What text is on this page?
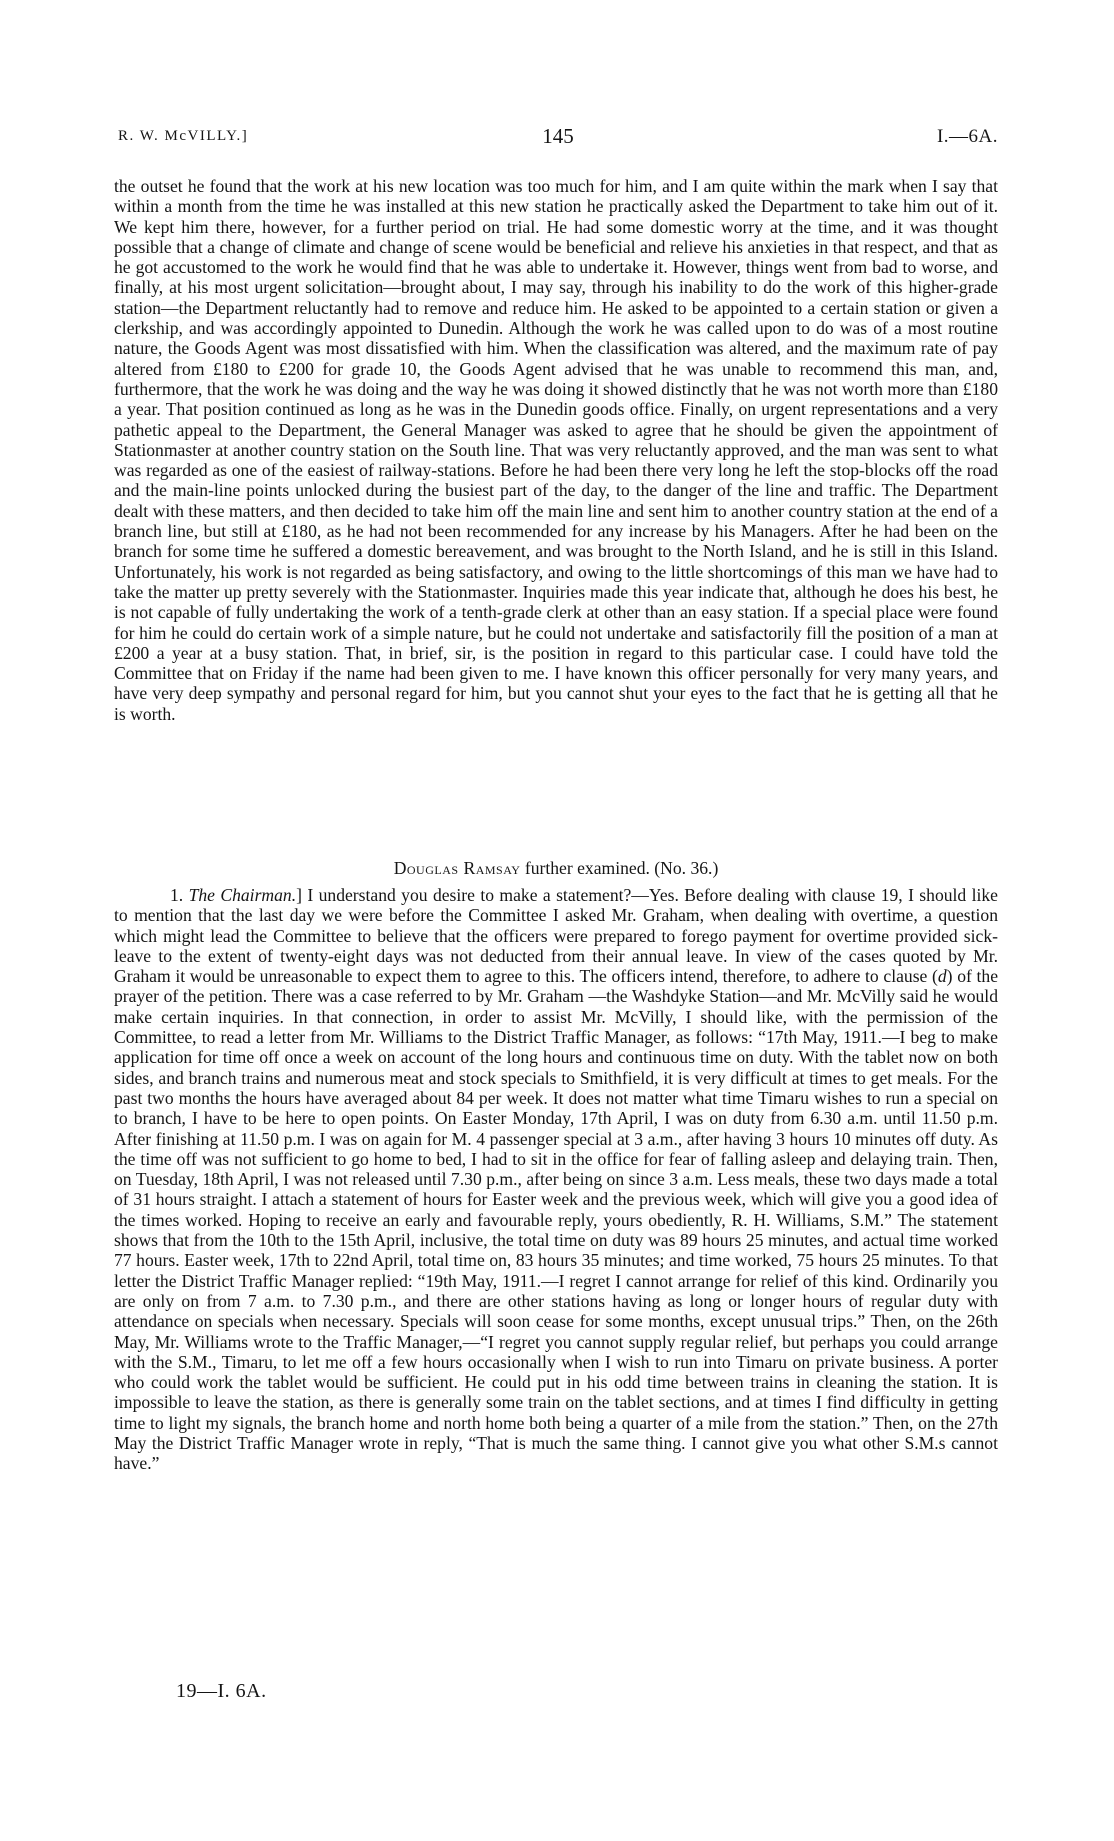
R. W. McVILLY.]	145	I.—6A.

the outset he found that the work at his new location was too much for him, and I am quite within the mark when I say that within a month from the time he was installed at this new station he practically asked the Department to take him out of it. We kept him there, however, for a further period on trial. He had some domestic worry at the time, and it was thought possible that a change of climate and change of scene would be beneficial and relieve his anxieties in that respect, and that as he got accustomed to the work he would find that he was able to undertake it. However, things went from bad to worse, and finally, at his most urgent solicitation—brought about, I may say, through his inability to do the work of this higher-grade station—the Department reluctantly had to remove and reduce him. He asked to be appointed to a certain station or given a clerkship, and was accordingly appointed to Dunedin. Although the work he was called upon to do was of a most routine nature, the Goods Agent was most dissatisfied with him. When the classification was altered, and the maximum rate of pay altered from £180 to £200 for grade 10, the Goods Agent advised that he was unable to recommend this man, and, furthermore, that the work he was doing and the way he was doing it showed distinctly that he was not worth more than £180 a year. That position continued as long as he was in the Dunedin goods office. Finally, on urgent representations and a very pathetic appeal to the Department, the General Manager was asked to agree that he should be given the appointment of Stationmaster at another country station on the South line. That was very reluctantly approved, and the man was sent to what was regarded as one of the easiest of railway-stations. Before he had been there very long he left the stop-blocks off the road and the main-line points unlocked during the busiest part of the day, to the danger of the line and traffic. The Department dealt with these matters, and then decided to take him off the main line and sent him to another country station at the end of a branch line, but still at £180, as he had not been recommended for any increase by his Managers. After he had been on the branch for some time he suffered a domestic bereavement, and was brought to the North Island, and he is still in this Island. Unfortunately, his work is not regarded as being satisfactory, and owing to the little shortcomings of this man we have had to take the matter up pretty severely with the Stationmaster. Inquiries made this year indicate that, although he does his best, he is not capable of fully undertaking the work of a tenth-grade clerk at other than an easy station. If a special place were found for him he could do certain work of a simple nature, but he could not undertake and satisfactorily fill the position of a man at £200 a year at a busy station. That, in brief, sir, is the position in regard to this particular case. I could have told the Committee that on Friday if the name had been given to me. I have known this officer personally for very many years, and have very deep sympathy and personal regard for him, but you cannot shut your eyes to the fact that he is getting all that he is worth.

Douglas Ramsay further examined. (No. 36.)

1. The Chairman.] I understand you desire to make a statement?—Yes. Before dealing with clause 19, I should like to mention that the last day we were before the Committee I asked Mr. Graham, when dealing with overtime, a question which might lead the Committee to believe that the officers were prepared to forego payment for overtime provided sick-leave to the extent of twenty-eight days was not deducted from their annual leave. In view of the cases quoted by Mr. Graham it would be unreasonable to expect them to agree to this. The officers intend, therefore, to adhere to clause (d) of the prayer of the petition. There was a case referred to by Mr. Graham —the Washdyke Station—and Mr. McVilly said he would make certain inquiries. In that connection, in order to assist Mr. McVilly, I should like, with the permission of the Committee, to read a letter from Mr. Williams to the District Traffic Manager, as follows: “17th May, 1911.—I beg to make application for time off once a week on account of the long hours and continuous time on duty. With the tablet now on both sides, and branch trains and numerous meat and stock specials to Smithfield, it is very difficult at times to get meals. For the past two months the hours have averaged about 84 per week. It does not matter what time Timaru wishes to run a special on to branch, I have to be here to open points. On Easter Monday, 17th April, I was on duty from 6.30 a.m. until 11.50 p.m. After finishing at 11.50 p.m. I was on again for M. 4 passenger special at 3 a.m., after having 3 hours 10 minutes off duty. As the time off was not sufficient to go home to bed, I had to sit in the office for fear of falling asleep and delaying train. Then, on Tuesday, 18th April, I was not released until 7.30 p.m., after being on since 3 a.m. Less meals, these two days made a total of 31 hours straight. I attach a statement of hours for Easter week and the previous week, which will give you a good idea of the times worked. Hoping to receive an early and favourable reply, yours obediently, R. H. Williams, S.M.” The statement shows that from the 10th to the 15th April, inclusive, the total time on duty was 89 hours 25 minutes, and actual time worked 77 hours. Easter week, 17th to 22nd April, total time on, 83 hours 35 minutes; and time worked, 75 hours 25 minutes. To that letter the District Traffic Manager replied: “19th May, 1911.—I regret I cannot arrange for relief of this kind. Ordinarily you are only on from 7 a.m. to 7.30 p.m., and there are other stations having as long or longer hours of regular duty with attendance on specials when necessary. Specials will soon cease for some months, except unusual trips.” Then, on the 26th May, Mr. Williams wrote to the Traffic Manager,—“I regret you cannot supply regular relief, but perhaps you could arrange with the S.M., Timaru, to let me off a few hours occasionally when I wish to run into Timaru on private business. A porter who could work the tablet would be sufficient. He could put in his odd time between trains in cleaning the station. It is impossible to leave the station, as there is generally some train on the tablet sections, and at times I find difficulty in getting time to light my signals, the branch home and north home both being a quarter of a mile from the station.” Then, on the 27th May the District Traffic Manager wrote in reply, “That is much the same thing. I cannot give you what other S.M.s cannot have.”

19—I. 6A.
